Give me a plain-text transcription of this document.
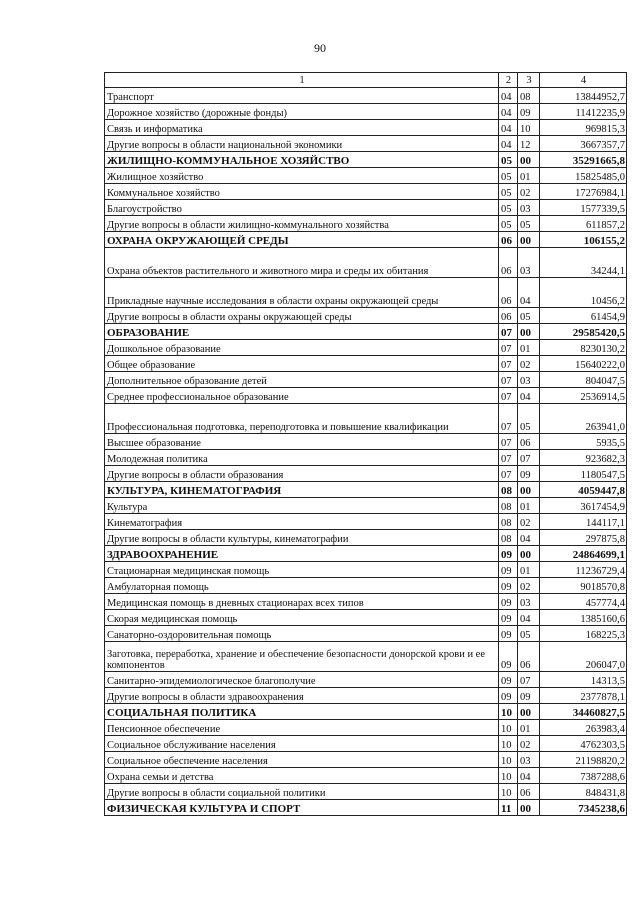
90
1	2	3	4
Транспорт	04	08	13844952,7
Дорожное хозяйство (дорожные фонды)	04	09	11412235,9
Связь и информатика	04	10	969815,3
Другие вопросы в области национальной экономики	04	12	3667357,7
ЖИЛИЩНО-КОММУНАЛЬНОЕ ХОЗЯЙСТВО	05	00	35291665,8
Жилищное хозяйство	05	01	15825485,0
Коммунальное хозяйство	05	02	17276984,1
Благоустройство	05	03	1577339,5
Другие вопросы в области жилищно-коммунального хозяйства	05	05	611857,2
ОХРАНА ОКРУЖАЮЩЕЙ СРЕДЫ	06	00	106155,2
Охрана объектов растительного и животного мира и среды их обитания	06	03	34244,1
Прикладные научные исследования в области охраны окружающей среды	06	04	10456,2
Другие вопросы в области охраны окружающей среды	06	05	61454,9
ОБРАЗОВАНИЕ	07	00	29585420,5
Дошкольное образование	07	01	8230130,2
Общее образование	07	02	15640222,0
Дополнительное образование детей	07	03	804047,5
Среднее профессиональное образование	07	04	2536914,5
Профессиональная подготовка, переподготовка и повышение квалификации	07	05	263941,0
Высшее образование	07	06	5935,5
Молодежная политика	07	07	923682,3
Другие вопросы в области образования	07	09	1180547,5
КУЛЬТУРА, КИНЕМАТОГРАФИЯ	08	00	4059447,8
Культура	08	01	3617454,9
Кинематография	08	02	144117,1
Другие вопросы в области культуры, кинематографии	08	04	297875,8
ЗДРАВООХРАНЕНИЕ	09	00	24864699,1
Стационарная медицинская помощь	09	01	11236729,4
Амбулаторная помощь	09	02	9018570,8
Медицинская помощь в дневных стационарах всех типов	09	03	457774,4
Скорая медицинская помощь	09	04	1385160,6
Санаторно-оздоровительная помощь	09	05	168225,3
Заготовка, переработка, хранение и обеспечение безопасности донорской крови и ее компонентов	09	06	206047,0
Санитарно-эпидемиологическое благополучие	09	07	14313,5
Другие вопросы в области здравоохранения	09	09	2377878,1
СОЦИАЛЬНАЯ ПОЛИТИКА	10	00	34460827,5
Пенсионное обеспечение	10	01	263983,4
Социальное обслуживание населения	10	02	4762303,5
Социальное обеспечение населения	10	03	21198820,2
Охрана семьи и детства	10	04	7387288,6
Другие вопросы в области социальной политики	10	06	848431,8
ФИЗИЧЕСКАЯ КУЛЬТУРА И СПОРТ	11	00	7345238,6
